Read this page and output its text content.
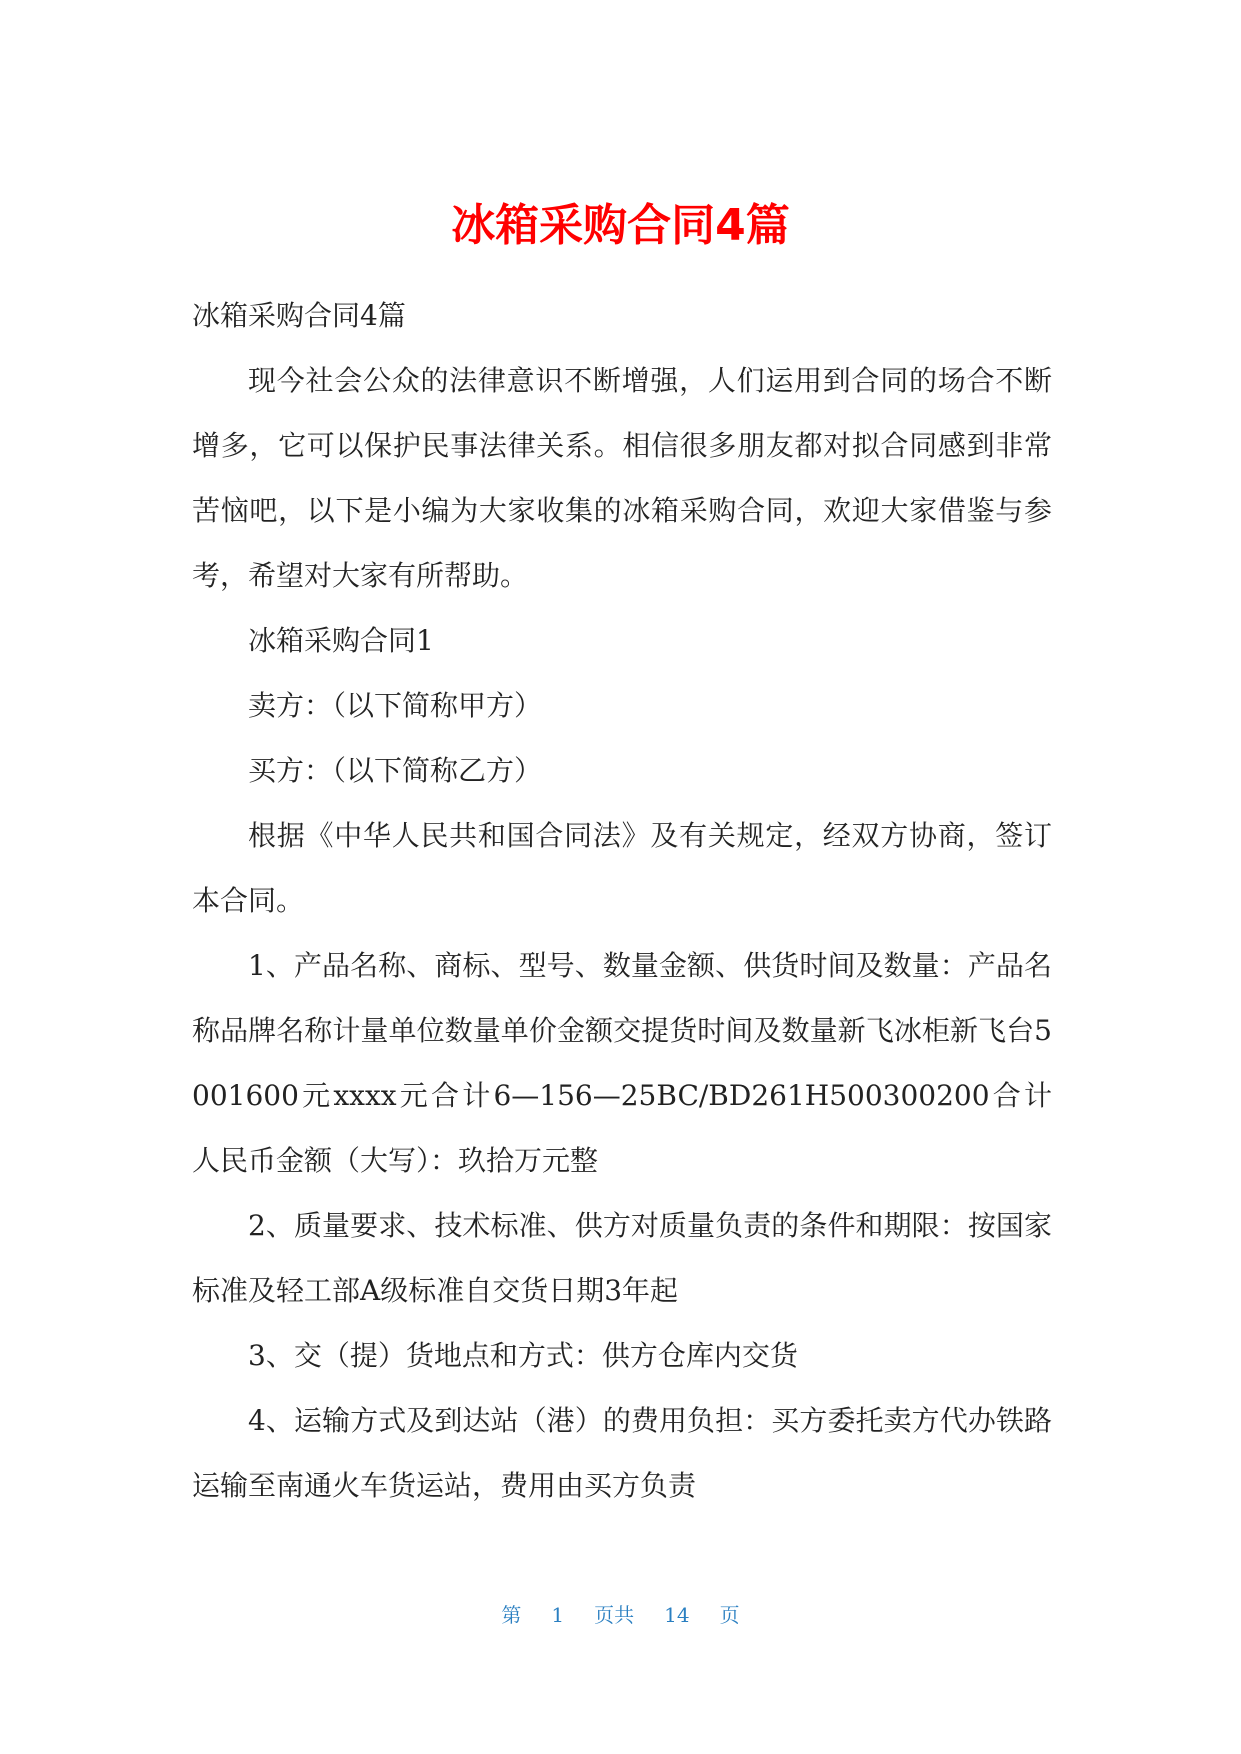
冰箱采购合同4篇

冰箱采购合同4篇

现今社会公众的法律意识不断增强，人们运用到合同的场合不断增多，它可以保护民事法律关系。相信很多朋友都对拟合同感到非常苦恼吧，以下是小编为大家收集的冰箱采购合同，欢迎大家借鉴与参考，希望对大家有所帮助。

冰箱采购合同1

卖方：（以下简称甲方）

买方：（以下简称乙方）

根据《中华人民共和国合同法》及有关规定，经双方协商，签订本合同。

1、产品名称、商标、型号、数量金额、供货时间及数量：产品名称品牌名称计量单位数量单价金额交提货时间及数量新飞冰柜新飞台5001600元xxxx元合计6—156—25BC/BD261H500300200合计人民币金额（大写）：玖拾万元整

2、质量要求、技术标准、供方对质量负责的条件和期限：按国家标准及轻工部A级标准自交货日期3年起

3、交（提）货地点和方式：供方仓库内交货

4、运输方式及到达站（港）的费用负担：买方委托卖方代办铁路运输至南通火车货运站，费用由买方负责

第 1 页共 14 页
